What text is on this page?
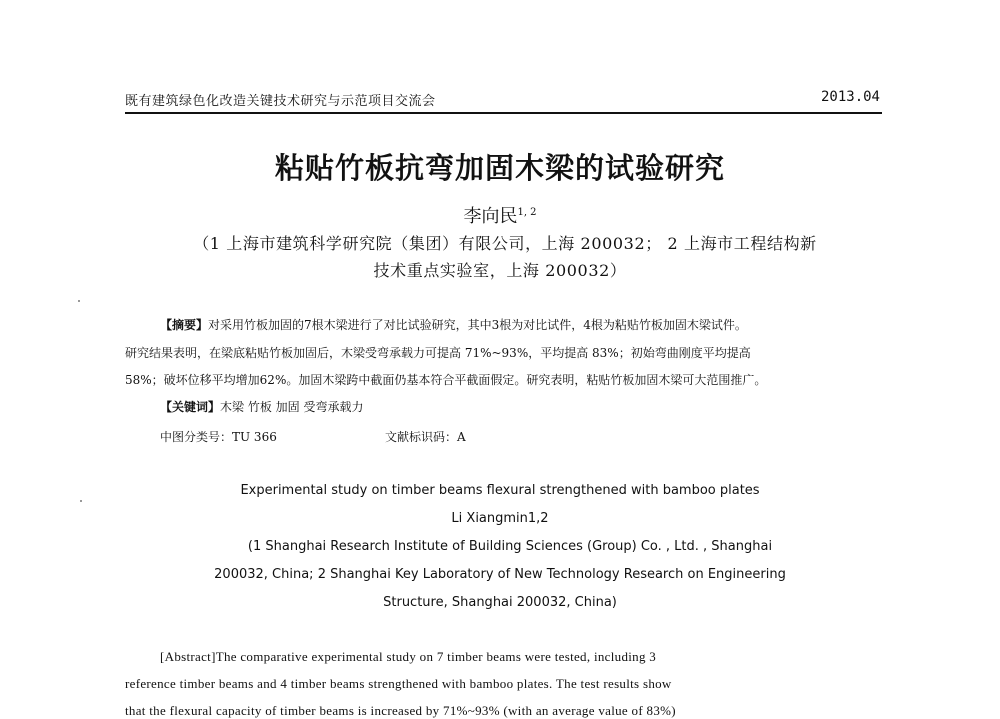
既有建筑绿色化改造关键技术研究与示范项目交流会	2013.04
粘贴竹板抗弯加固木梁的试验研究
李向民$^{1, 2}$
（1 上海市建筑科学研究院（集团）有限公司，上海 200032； 2 上海市工程结构新
技术重点实验室，上海 200032）
【摘要】对采用竹板加固的7根木梁进行了对比试验研究，其中3根为对比试件，4根为粘贴竹板加固木梁试件。
研究结果表明，在梁底粘贴竹板加固后，木梁受弯承载力可提高 71%~93%，平均提高 83%；初始弯曲刚度平均提高
58%；破坏位移平均增加62%。加固木梁跨中截面仍基本符合平截面假定。研究表明，粘贴竹板加固木梁可大范围推广。
【关键词】木梁 竹板 加固 受弯承载力
中图分类号：TU 366	文献标识码：A
Experimental study on timber beams flexural strengthened with bamboo plates
Li Xiangmin1,2
(1 Shanghai Research Institute of Building Sciences (Group) Co. , Ltd. , Shanghai
200032, China; 2 Shanghai Key Laboratory of New Technology Research on Engineering
Structure, Shanghai 200032, China)
[Abstract]The comparative experimental study on 7 timber beams were tested, including 3
reference timber beams and 4 timber beams strengthened with bamboo plates. The test results show
that the flexural capacity of timber beams is increased by 71%~93% (with an average value of 83%)
